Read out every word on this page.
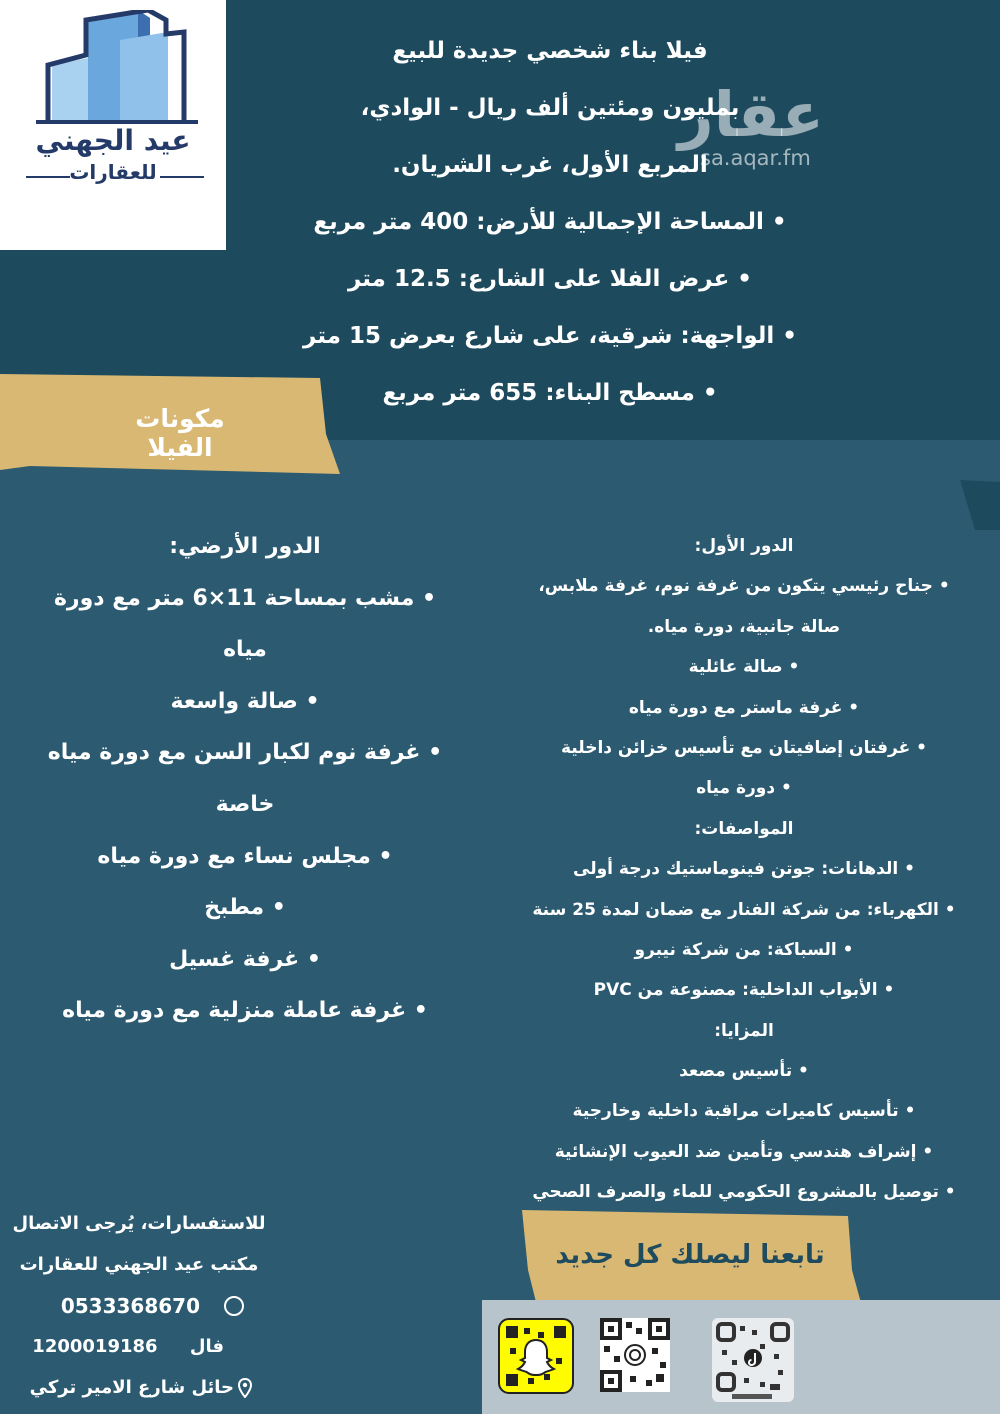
عيد الجهني
للعقارات
عقار
sa.aqar.fm
فيلا بناء شخصي جديدة للبيع
بمليون ومئتين ألف ريال - الوادي،
المربع الأول، غرب الشريان.
• المساحة الإجمالية للأرض: 400 متر مربع
• عرض الفلا على الشارع: 12.5 متر
• الواجهة: شرقية، على شارع بعرض 15 متر
• مسطح البناء: 655 متر مربع
مكونات الفيلا
الدور الأول:
• جناح رئيسي يتكون من غرفة نوم، غرفة ملابس،
صالة جانبية، دورة مياه.
• صالة عائلية
• غرفة ماستر مع دورة مياه
• غرفتان إضافيتان مع تأسيس خزائن داخلية
• دورة مياه
المواصفات:
• الدهانات: جوتن فينوماستيك درجة أولى
• الكهرباء: من شركة الفنار مع ضمان لمدة 25 سنة
• السباكة: من شركة نيبرو
• الأبواب الداخلية: مصنوعة من PVC
المزايا:
• تأسيس مصعد
• تأسيس كاميرات مراقبة داخلية وخارجية
• إشراف هندسي وتأمين ضد العيوب الإنشائية
• توصيل بالمشروع الحكومي للماء والصرف الصحي
الدور الأرضي:
• مشب بمساحة 11×6 متر مع دورة
مياه
• صالة واسعة
• غرفة نوم لكبار السن مع دورة مياه
خاصة
• مجلس نساء مع دورة مياه
• مطبخ
• غرفة غسيل
• غرفة عاملة منزلية مع دورة مياه
للاستفسارات، يُرجى الاتصال
مكتب عيد الجهني للعقارات
0533368670
فال 1200019186
حائل شارع الامير تركي
تابعنا ليصلك كل جديد
